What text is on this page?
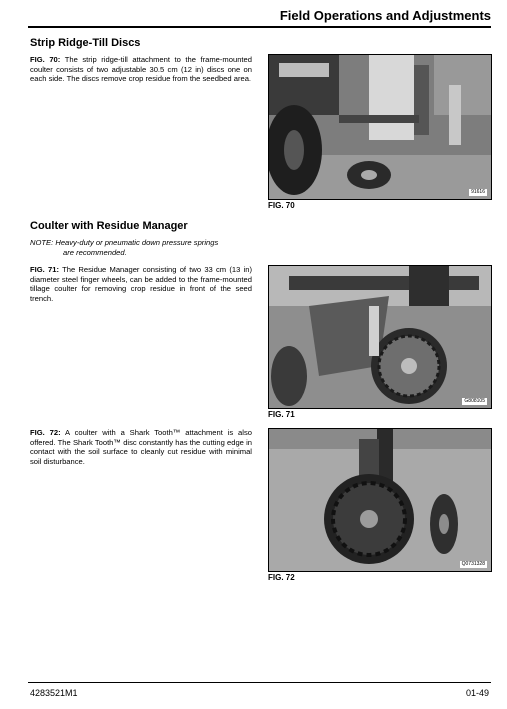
Field Operations and Adjustments
Strip Ridge-Till Discs
FIG. 70: The strip ridge-till attachment to the frame-mounted coulter consists of two adjustable 30.5 cm (12 in) discs one on each side. The discs remove crop residue from the seedbed area.
91616
FIG. 70
Coulter with Residue Manager
NOTE: Heavy-duty or pneumatic down pressure springs
are recommended.
FIG. 71: The Residue Manager consisting of two 33 cm (13 in) diameter steel finger wheels, can be added to the frame-mounted tillage coulter for removing crop residue in front of the seed trench.
G808105
FIG. 71
FIG. 72: A coulter with a Shark Tooth™ attachment is also offered. The Shark Tooth™ disc constantly has the cutting edge in contact with the soil surface to cleanly cut residue with minimal soil disturbance.
Q0731328
FIG. 72
4283521M1	01-49
